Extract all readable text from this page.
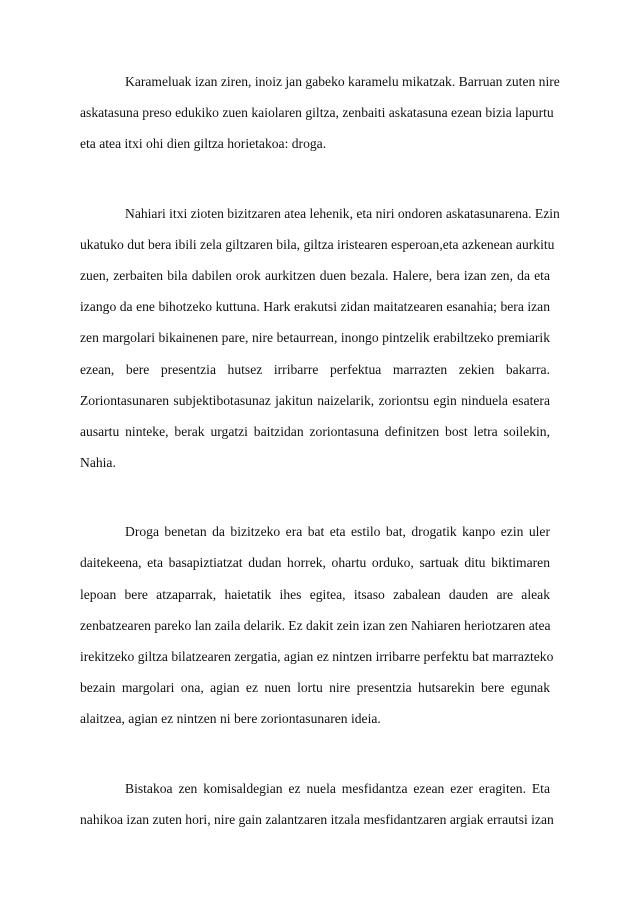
Karameluak izan ziren, inoiz jan gabeko karamelu mikatzak. Barruan zuten nire
askatasuna preso edukiko zuen kaiolaren giltza, zenbaiti askatasuna ezean bizia lapurtu
eta atea itxi ohi dien giltza horietakoa: droga.
Nahiari itxi zioten bizitzaren atea lehenik, eta niri ondoren askatasunarena. Ezin
ukatuko dut bera ibili zela giltzaren bila, giltza iristearen esperoan,eta azkenean aurkitu
zuen, zerbaiten bila dabilen orok aurkitzen duen bezala. Halere, bera izan zen, da eta
izango da ene bihotzeko kuttuna. Hark erakutsi zidan maitatzearen esanahia; bera izan
zen margolari bikainenen pare, nire betaurrean, inongo pintzelik erabiltzeko premiarik
ezean, bere presentzia hutsez irribarre perfektua marrazten zekien bakarra.
Zoriontasunaren subjektibotasunaz jakitun naizelarik, zoriontsu egin ninduela esatera
ausartu ninteke, berak urgatzi baitzidan zoriontasuna definitzen bost letra soilekin,
Nahia.
Droga benetan da bizitzeko era bat eta estilo bat, drogatik kanpo ezin uler
daitekeena, eta basapiztiatzat dudan horrek, ohartu orduko, sartuak ditu biktimaren
lepoan bere atzaparrak, haietatik ihes egitea, itsaso zabalean dauden are aleak
zenbatzearen pareko lan zaila delarik. Ez dakit zein izan zen Nahiaren heriotzaren atea
irekitzeko giltza bilatzearen zergatia, agian ez nintzen irribarre perfektu bat marrazteko
bezain margolari ona, agian ez nuen lortu nire presentzia hutsarekin bere egunak
alaitzea, agian ez nintzen ni bere zoriontasunaren ideia.
Bistakoa zen komisaldegian ez nuela mesfidantza ezean ezer eragiten. Eta
nahikoa izan zuten hori, nire gain zalantzaren itzala mesfidantzaren argiak errautsi izan
